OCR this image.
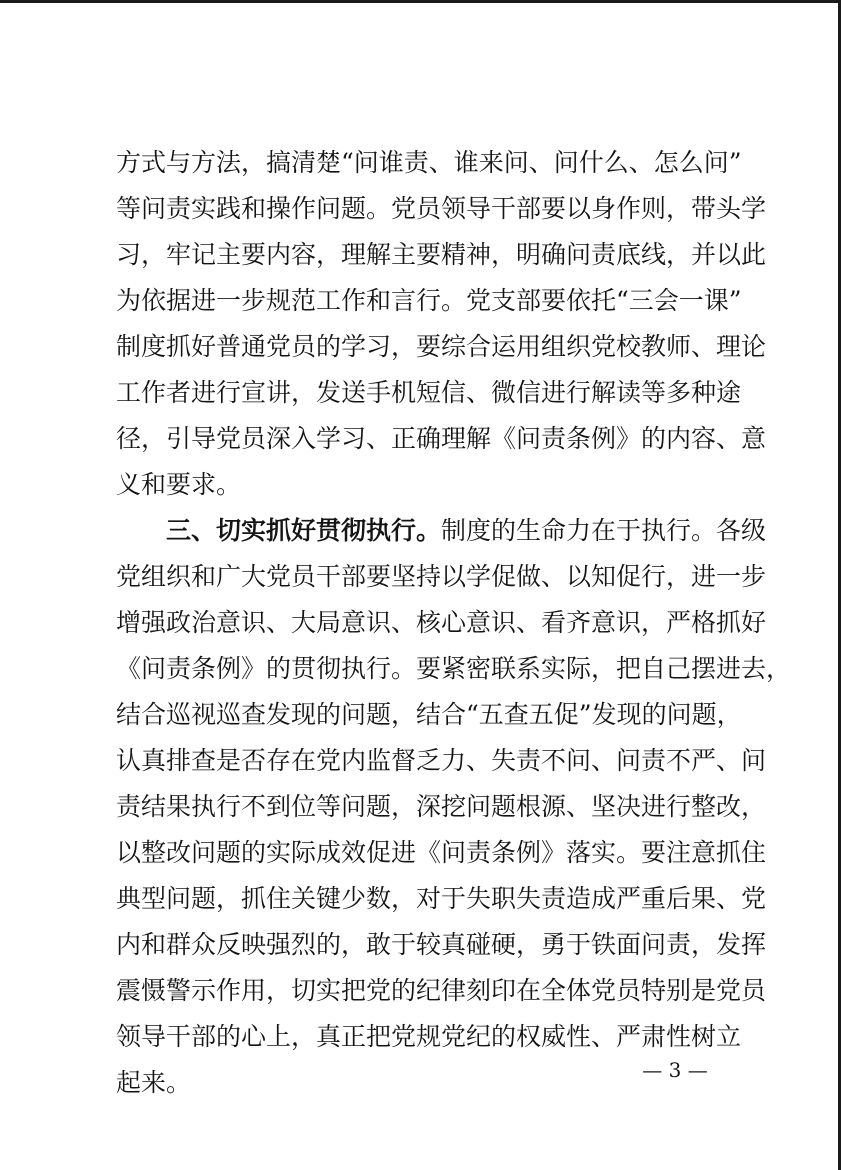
方式与方法，搞清楚“问谁责、谁来问、问什么、怎么问”
等问责实践和操作问题。党员领导干部要以身作则，带头学
习，牢记主要内容，理解主要精神，明确问责底线，并以此
为依据进一步规范工作和言行。党支部要依托“三会一课”
制度抓好普通党员的学习，要综合运用组织党校教师、理论
工作者进行宣讲，发送手机短信、微信进行解读等多种途
径，引导党员深入学习、正确理解《问责条例》的内容、意
义和要求。
三、切实抓好贯彻执行。制度的生命力在于执行。各级
党组织和广大党员干部要坚持以学促做、以知促行，进一步
增强政治意识、大局意识、核心意识、看齐意识，严格抓好
《问责条例》的贯彻执行。要紧密联系实际，把自己摆进去，
结合巡视巡查发现的问题，结合“五查五促”发现的问题，
认真排查是否存在党内监督乏力、失责不问、问责不严、问
责结果执行不到位等问题，深挖问题根源、坚决进行整改，
以整改问题的实际成效促进《问责条例》落实。要注意抓住
典型问题，抓住关键少数，对于失职失责造成严重后果、党
内和群众反映强烈的，敢于较真碰硬，勇于铁面问责，发挥
震慑警示作用，切实把党的纪律刻印在全体党员特别是党员
领导干部的心上，真正把党规党纪的权威性、严肃性树立
起来。	— 3 —
